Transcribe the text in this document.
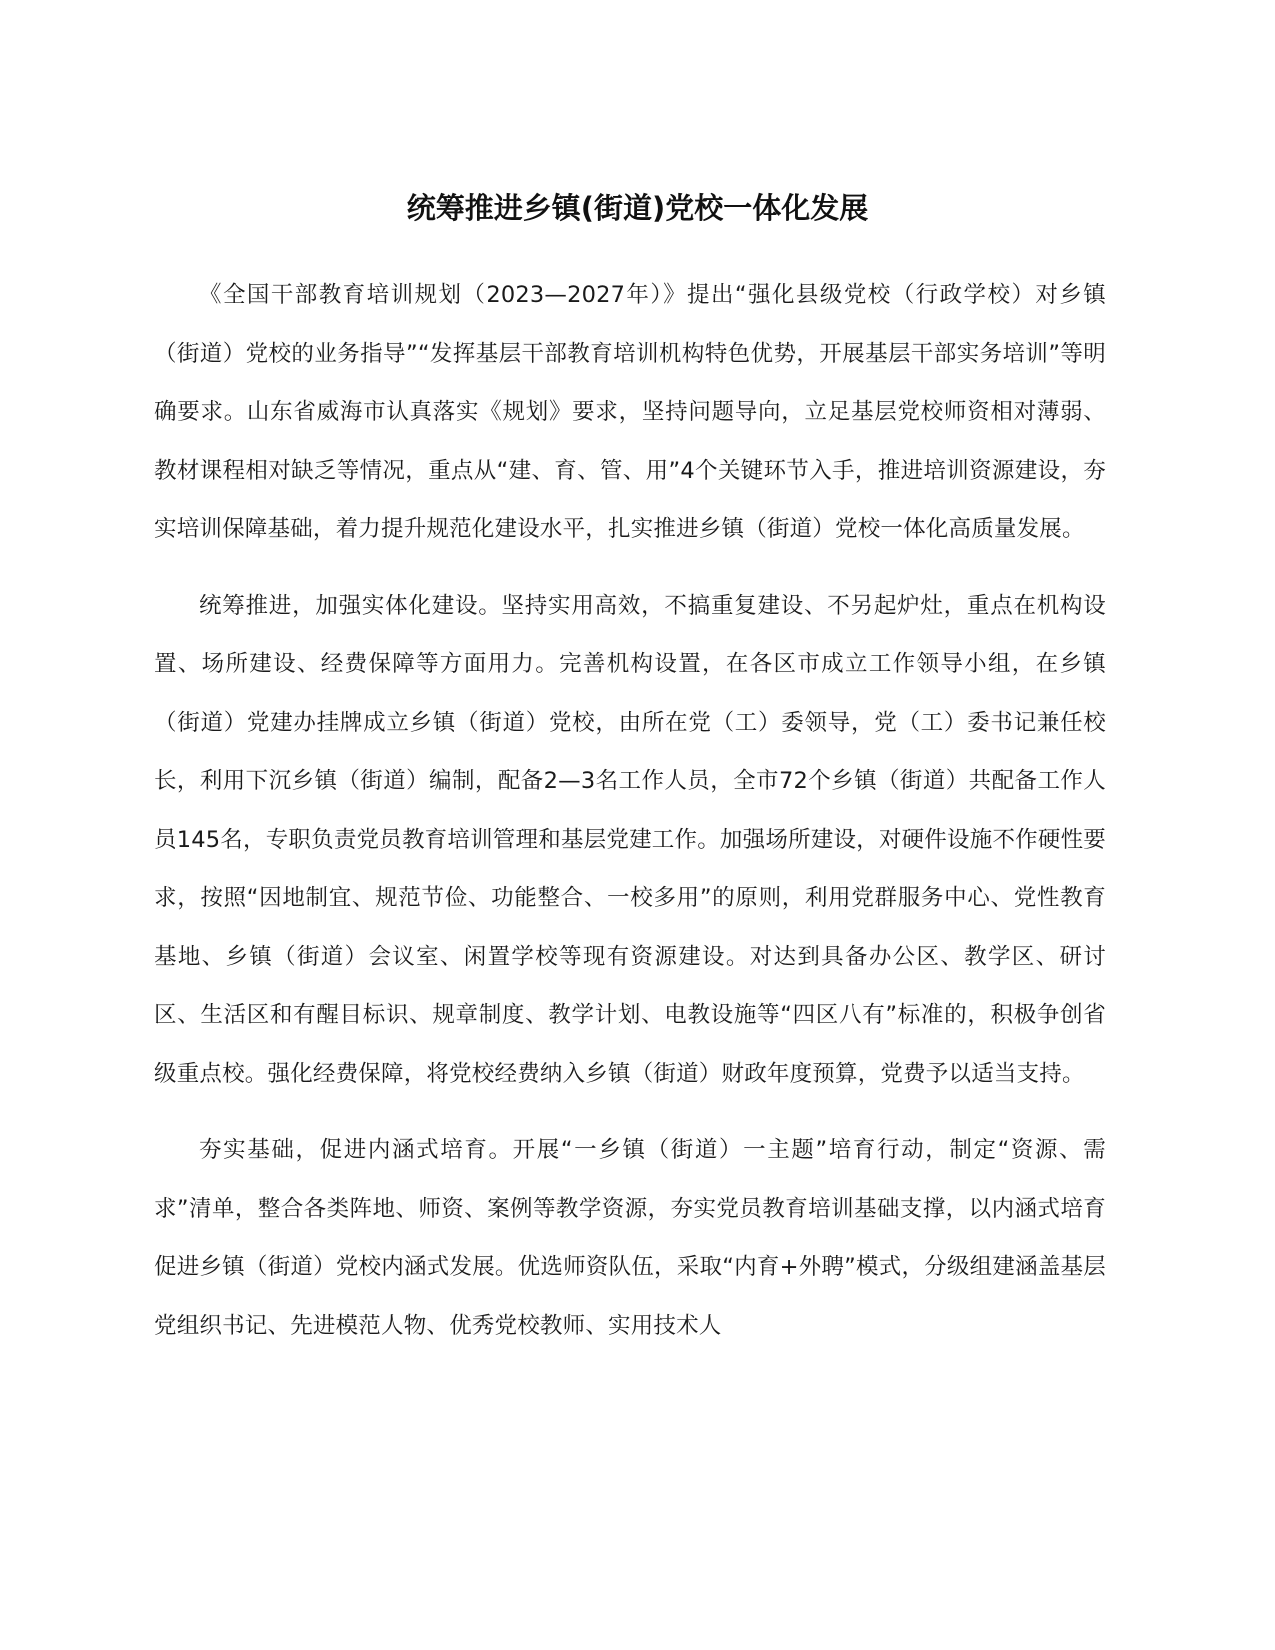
统筹推进乡镇(街道)党校一体化发展

《全国干部教育培训规划（2023—2027年）》提出“强化县级党校（行政学校）对乡镇（街道）党校的业务指导”“发挥基层干部教育培训机构特色优势，开展基层干部实务培训”等明确要求。山东省威海市认真落实《规划》要求，坚持问题导向，立足基层党校师资相对薄弱、教材课程相对缺乏等情况，重点从“建、育、管、用”4个关键环节入手，推进培训资源建设，夯实培训保障基础，着力提升规范化建设水平，扎实推进乡镇（街道）党校一体化高质量发展。

统筹推进，加强实体化建设。坚持实用高效，不搞重复建设、不另起炉灶，重点在机构设置、场所建设、经费保障等方面用力。完善机构设置，在各区市成立工作领导小组，在乡镇（街道）党建办挂牌成立乡镇（街道）党校，由所在党（工）委领导，党（工）委书记兼任校长，利用下沉乡镇（街道）编制，配备2—3名工作人员，全市72个乡镇（街道）共配备工作人员145名，专职负责党员教育培训管理和基层党建工作。加强场所建设，对硬件设施不作硬性要求，按照“因地制宜、规范节俭、功能整合、一校多用”的原则，利用党群服务中心、党性教育基地、乡镇（街道）会议室、闲置学校等现有资源建设。对达到具备办公区、教学区、研讨区、生活区和有醒目标识、规章制度、教学计划、电教设施等“四区八有”标准的，积极争创省级重点校。强化经费保障，将党校经费纳入乡镇（街道）财政年度预算，党费予以适当支持。

夯实基础，促进内涵式培育。开展“一乡镇（街道）一主题”培育行动，制定“资源、需求”清单，整合各类阵地、师资、案例等教学资源，夯实党员教育培训基础支撑，以内涵式培育促进乡镇（街道）党校内涵式发展。优选师资队伍，采取“内育+外聘”模式，分级组建涵盖基层党组织书记、先进模范人物、优秀党校教师、实用技术人
